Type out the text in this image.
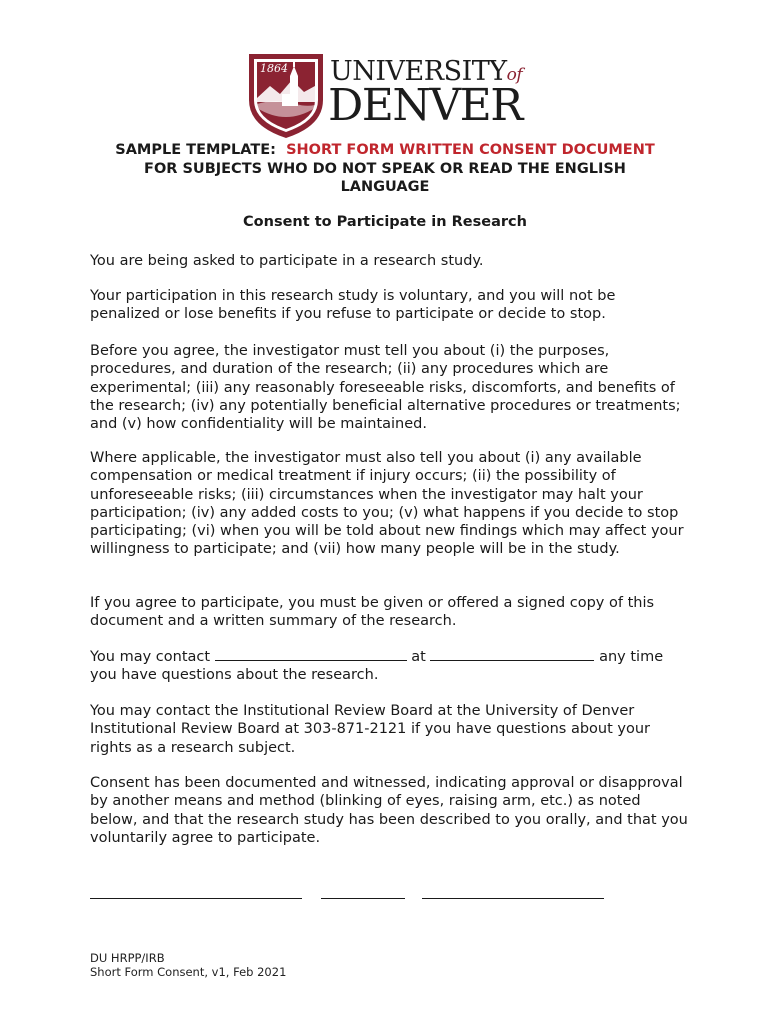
1864 UNIVERSITYof
DENVER
SAMPLE TEMPLATE: SHORT FORM WRITTEN CONSENT DOCUMENT
FOR SUBJECTS WHO DO NOT SPEAK OR READ THE ENGLISH
LANGUAGE
Consent to Participate in Research

You are being asked to participate in a research study.

Your participation in this research study is voluntary, and you will not be penalized or lose benefits if you refuse to participate or decide to stop.

Before you agree, the investigator must tell you about (i) the purposes, procedures, and duration of the research; (ii) any procedures which are experimental; (iii) any reasonably foreseeable risks, discomforts, and benefits of the research; (iv) any potentially beneficial alternative procedures or treatments; and (v) how confidentiality will be maintained.

Where applicable, the investigator must also tell you about (i) any available compensation or medical treatment if injury occurs; (ii) the possibility of unforeseeable risks; (iii) circumstances when the investigator may halt your participation; (iv) any added costs to you; (v) what happens if you decide to stop participating; (vi) when you will be told about new findings which may affect your willingness to participate; and (vii) how many people will be in the study.

If you agree to participate, you must be given or offered a signed copy of this document and a written summary of the research.

You may contact	at	any time you have questions about the research.

You may contact the Institutional Review Board at the University of Denver Institutional Review Board at 303-871-2121 if you have questions about your rights as a research subject.

Consent has been documented and witnessed, indicating approval or disapproval by another means and method (blinking of eyes, raising arm, etc.) as noted below, and that the research study has been described to you orally, and that you voluntarily agree to participate.

DU HRPP/IRB
Short Form Consent, v1, Feb 2021
